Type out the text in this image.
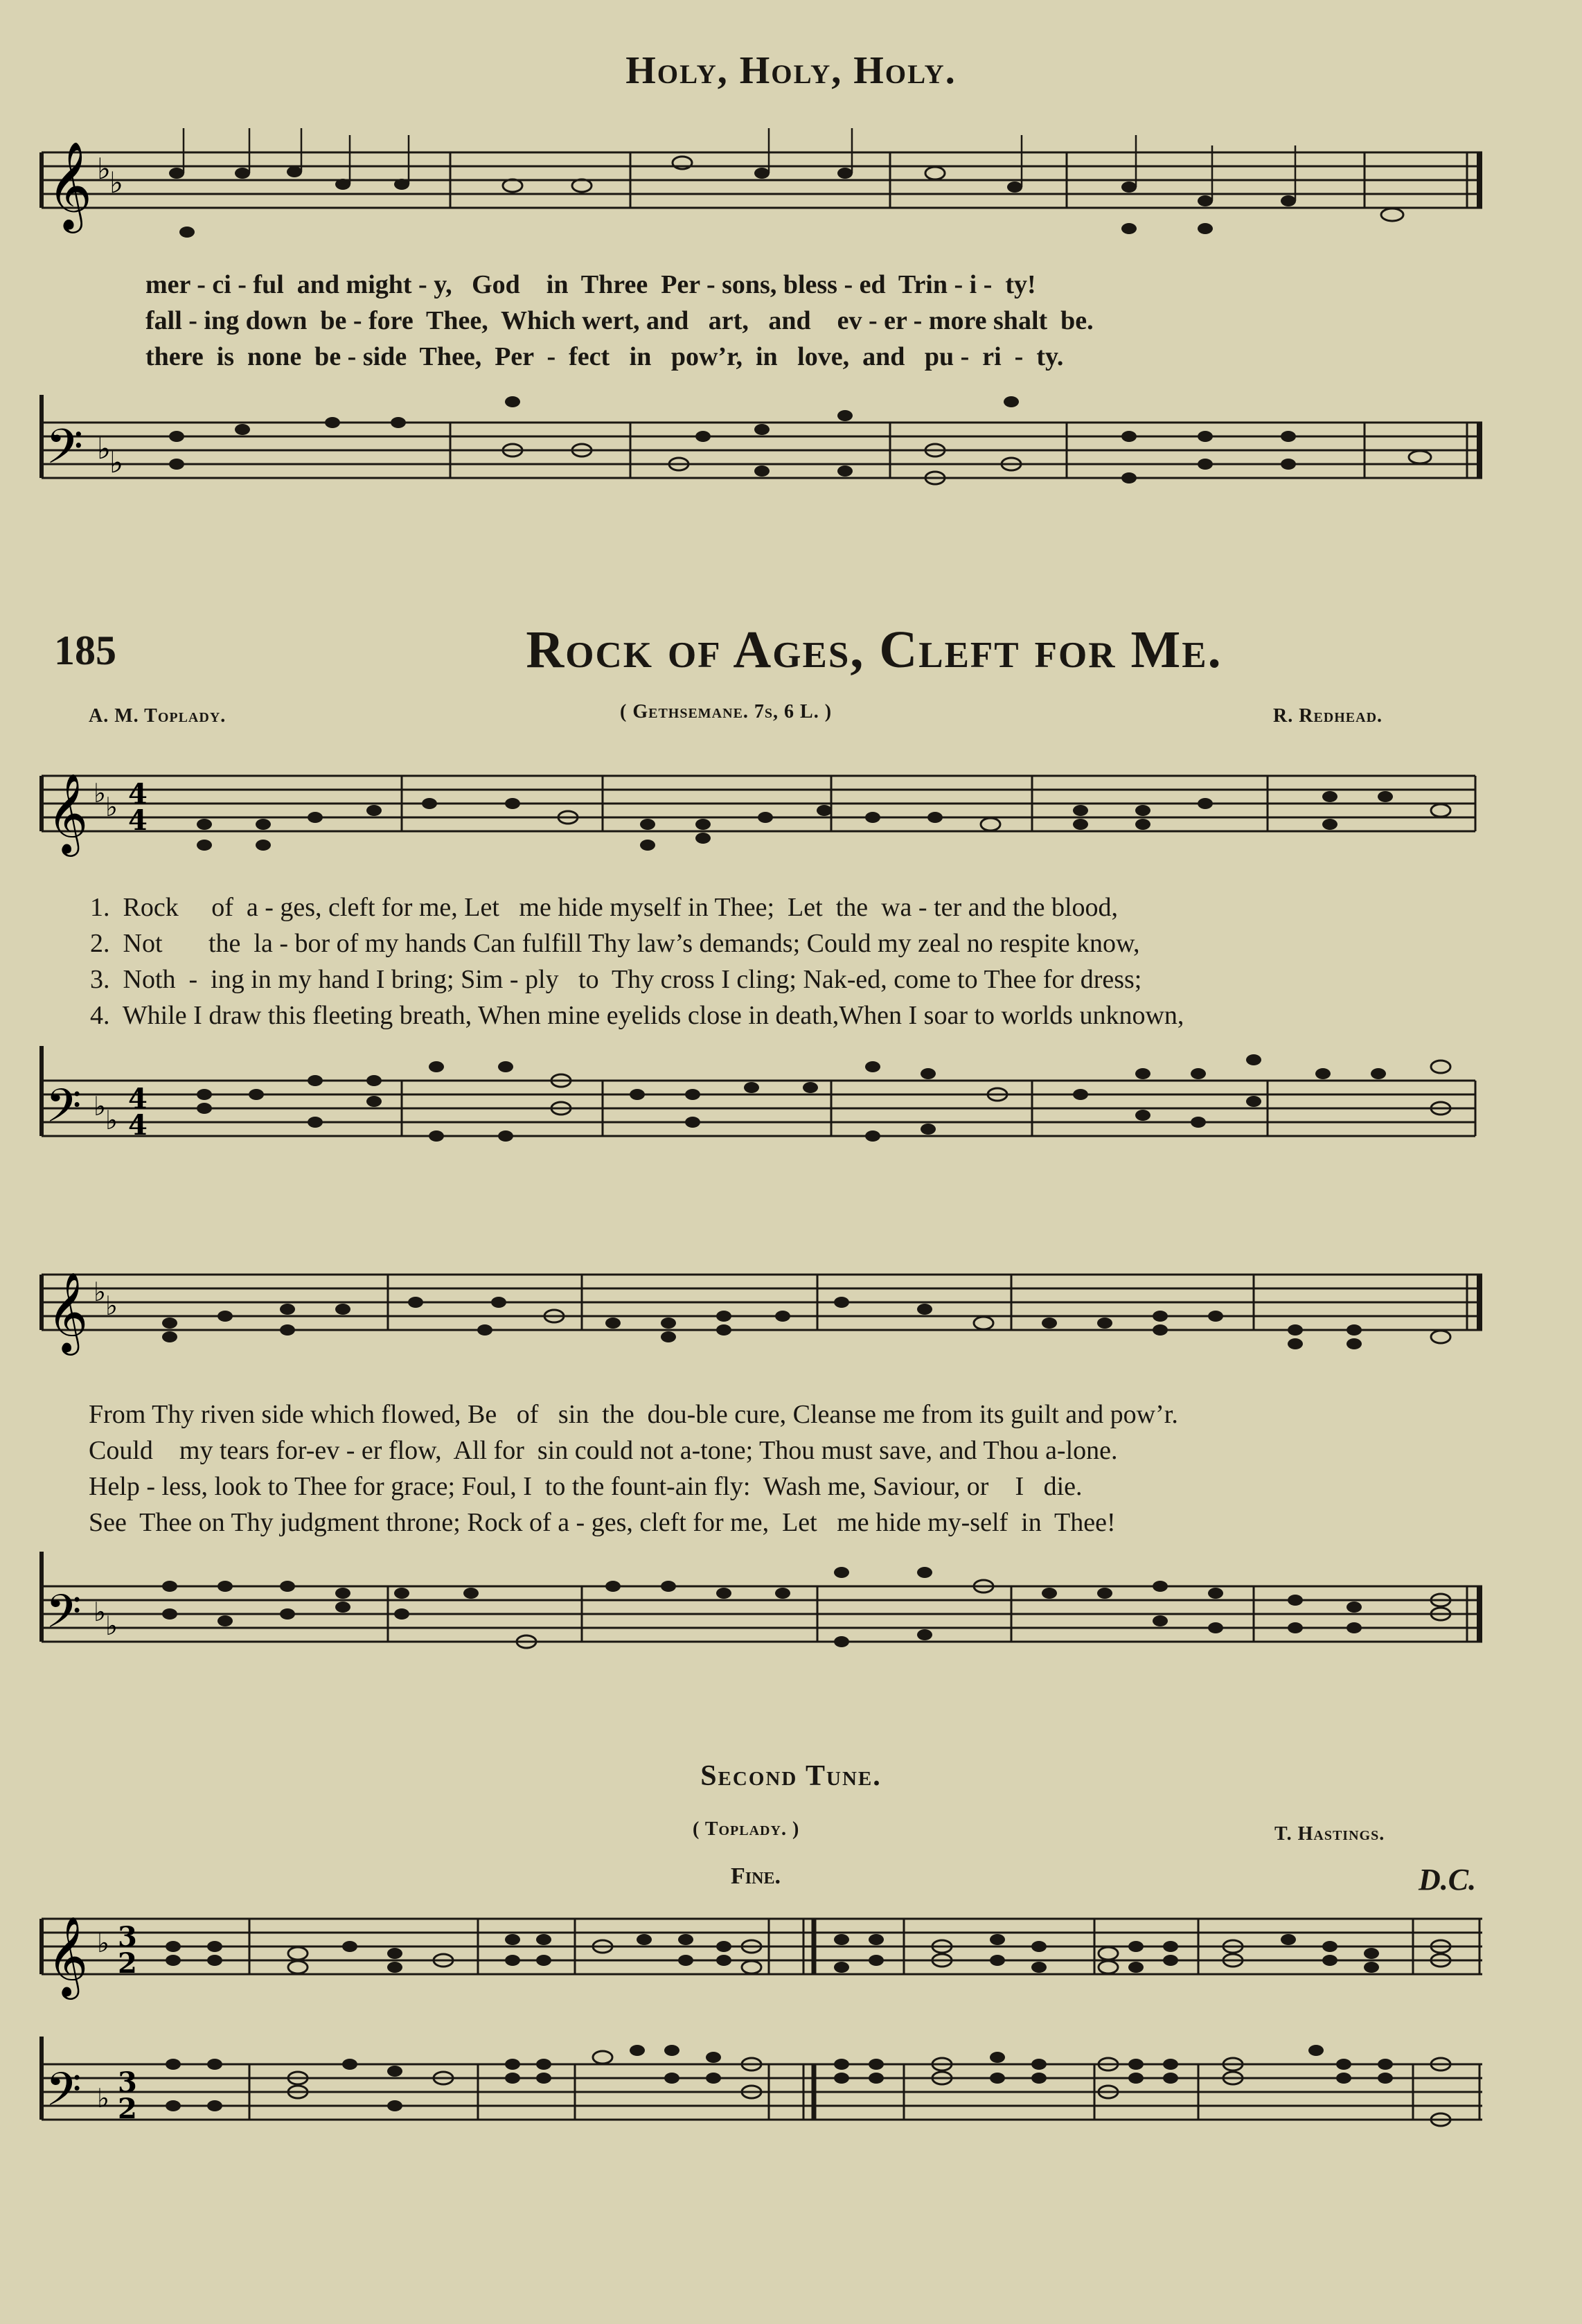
Holy, Holy, Holy.
𝄞 ♭
♭
mer - ci - ful  and might - y,   God    in  Three  Per - sons, bless - ed  Trin - i -  ty!
fall - ing down  be - fore  Thee,  Which wert, and   art,   and    ev - er - more shalt  be.
there  is  none  be - side  Thee,  Per  -  fect   in   pow’r,  in   love,  and   pu -  ri  -  ty.
𝄢 ♭
♭
185	Rock of Ages, Cleft for Me.
A. M. Toplady.	( Gethsemane. 7s, 6 L. )	R. Redhead.
𝄞 ♭ ♭ 4
4
1.  Rock     of  a - ges, cleft for me, Let   me hide myself in Thee;  Let  the  wa - ter and the blood,
2.  Not       the  la - bor of my hands Can fulfill Thy law’s demands; Could my zeal no respite know,
3.  Noth  -  ing in my hand I bring; Sim - ply   to  Thy cross I cling; Nak-ed, come to Thee for dress;
4.  While I draw this fleeting breath, When mine eyelids close in death,When I soar to worlds unknown,
𝄢 ♭ ♭
4
4
𝄞 ♭ ♭
From Thy riven side which flowed, Be   of   sin  the  dou-ble cure, Cleanse me from its guilt and pow’r.
Could    my tears for-ev - er flow,  All for  sin could not a-tone; Thou must save, and Thou a-lone.
Help - less, look to Thee for grace; Foul, I  to the fount-ain fly:  Wash me, Saviour, or    I   die.
See  Thee on Thy judgment throne; Rock of a - ges, cleft for me,  Let   me hide my-self  in  Thee!
𝄢 ♭ ♭
Second Tune.
( Toplady. )	T. Hastings.
Fine.	D.C.
𝄞 ♭ 3
2
𝄢 ♭ 3
2
